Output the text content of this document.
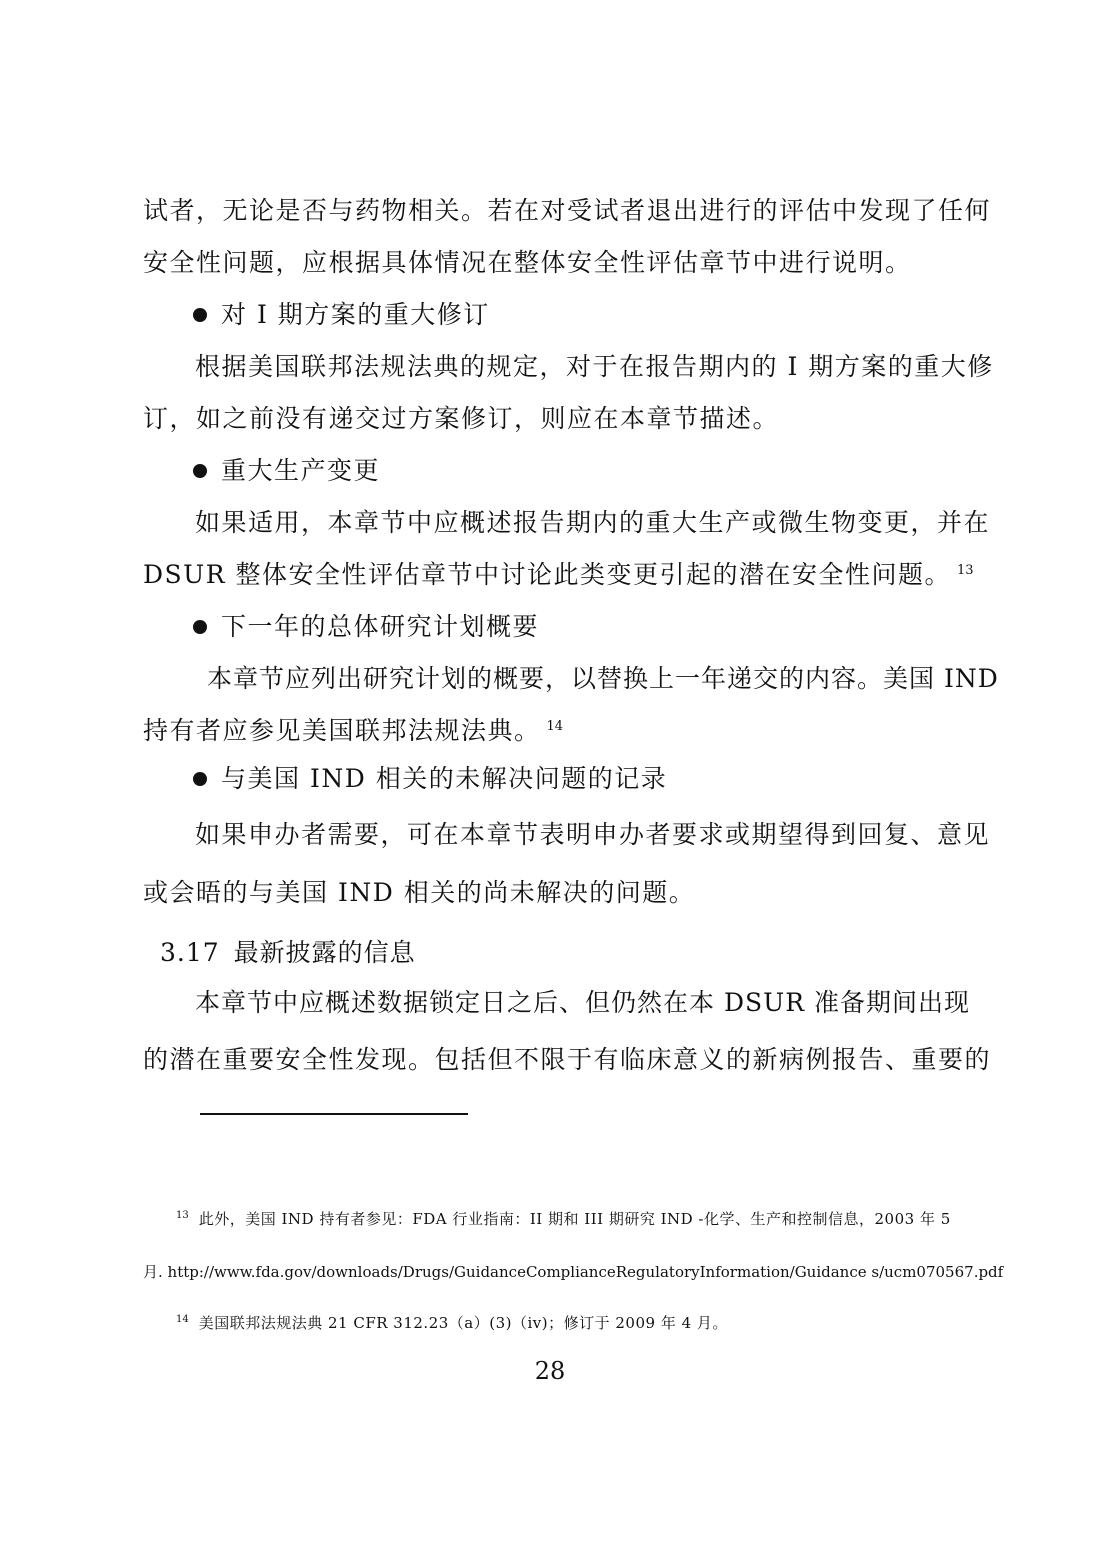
试者，无论是否与药物相关。若在对受试者退出进行的评估中发现了任何
安全性问题，应根据具体情况在整体安全性评估章节中进行说明。
对 I 期方案的重大修订
根据美国联邦法规法典的规定，对于在报告期内的 I 期方案的重大修
订，如之前没有递交过方案修订，则应在本章节描述。
重大生产变更
如果适用，本章节中应概述报告期内的重大生产或微生物变更，并在
DSUR 整体安全性评估章节中讨论此类变更引起的潜在安全性问题。 $^{13}$
下一年的总体研究计划概要
本章节应列出研究计划的概要，以替换上一年递交的内容。美国 IND
持有者应参见美国联邦法规法典。 $^{14}$
与美国 IND 相关的未解决问题的记录
如果申办者需要，可在本章节表明申办者要求或期望得到回复、意见
或会晤的与美国 IND 相关的尚未解决的问题。
3.17 最新披露的信息
本章节中应概述数据锁定日之后、但仍然在本 DSUR 准备期间出现
的潜在重要安全性发现。包括但不限于有临床意义的新病例报告、重要的
$^{13}$ 此外，美国 IND 持有者参见：FDA 行业指南：II 期和 III 期研究 IND -化学、生产和控制信息，2003 年 5
月. http://www.fda.gov/downloads/Drugs/GuidanceComplianceRegulatoryInformation/Guidance s/ucm070567.pdf
$^{14}$ 美国联邦法规法典 21 CFR 312.23（a）(3)（iv)；修订于 2009 年 4 月。
28
